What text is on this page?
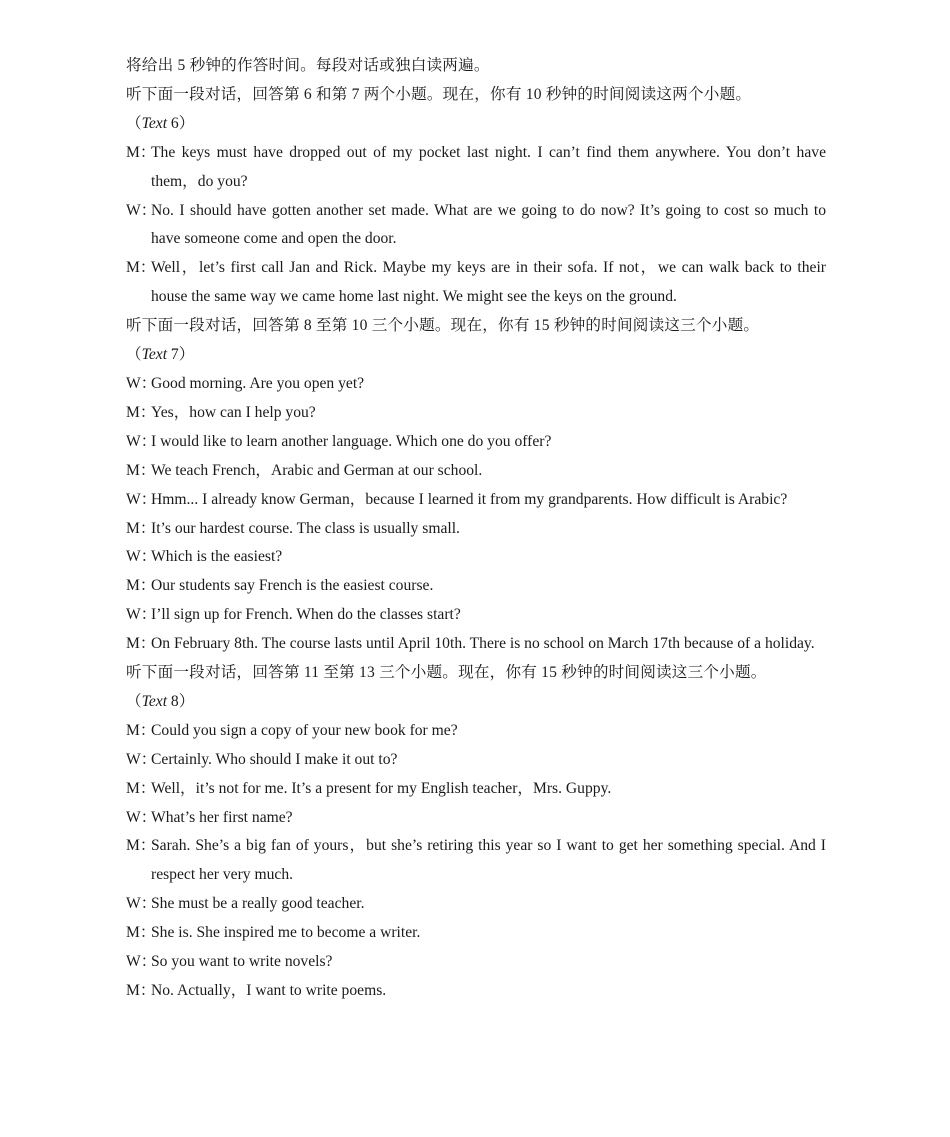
将给出 5 秒钟的作答时间。每段对话或独白读两遍。
听下面一段对话，回答第 6 和第 7 两个小题。现在，你有 10 秒钟的时间阅读这两个小题。
（Text 6）
M：
The keys must have dropped out of my pocket last night. I can’t find them anywhere. You don’t have them，do you?
W：
No. I should have gotten another set made. What are we going to do now? It’s going to cost so much to have someone come and open the door.
M：
Well，let’s first call Jan and Rick. Maybe my keys are in their sofa. If not，we can walk back to their house the same way we came home last night. We might see the keys on the ground.
听下面一段对话，回答第 8 至第 10 三个小题。现在，你有 15 秒钟的时间阅读这三个小题。
（Text 7）
W：
Good morning. Are you open yet?
M：
Yes，how can I help you?
W：
I would like to learn another language. Which one do you offer?
M：
We teach French，Arabic and German at our school.
W：
Hmm... I already know German，because I learned it from my grandparents. How difficult is Arabic?
M：
It’s our hardest course. The class is usually small.
W：
Which is the easiest?
M：
Our students say French is the easiest course.
W：
I’ll sign up for French. When do the classes start?
M：
On February 8th. The course lasts until April 10th. There is no school on March 17th because of a holiday.
听下面一段对话，回答第 11 至第 13 三个小题。现在，你有 15 秒钟的时间阅读这三个小题。
（Text 8）
M：
Could you sign a copy of your new book for me?
W：
Certainly. Who should I make it out to?
M：
Well，it’s not for me. It’s a present for my English teacher，Mrs. Guppy.
W：
What’s her first name?
M：
Sarah. She’s a big fan of yours，but she’s retiring this year so I want to get her something special. And I respect her very much.
W：
She must be a really good teacher.
M：
She is. She inspired me to become a writer.
W：
So you want to write novels?
M：
No. Actually，I want to write poems.
